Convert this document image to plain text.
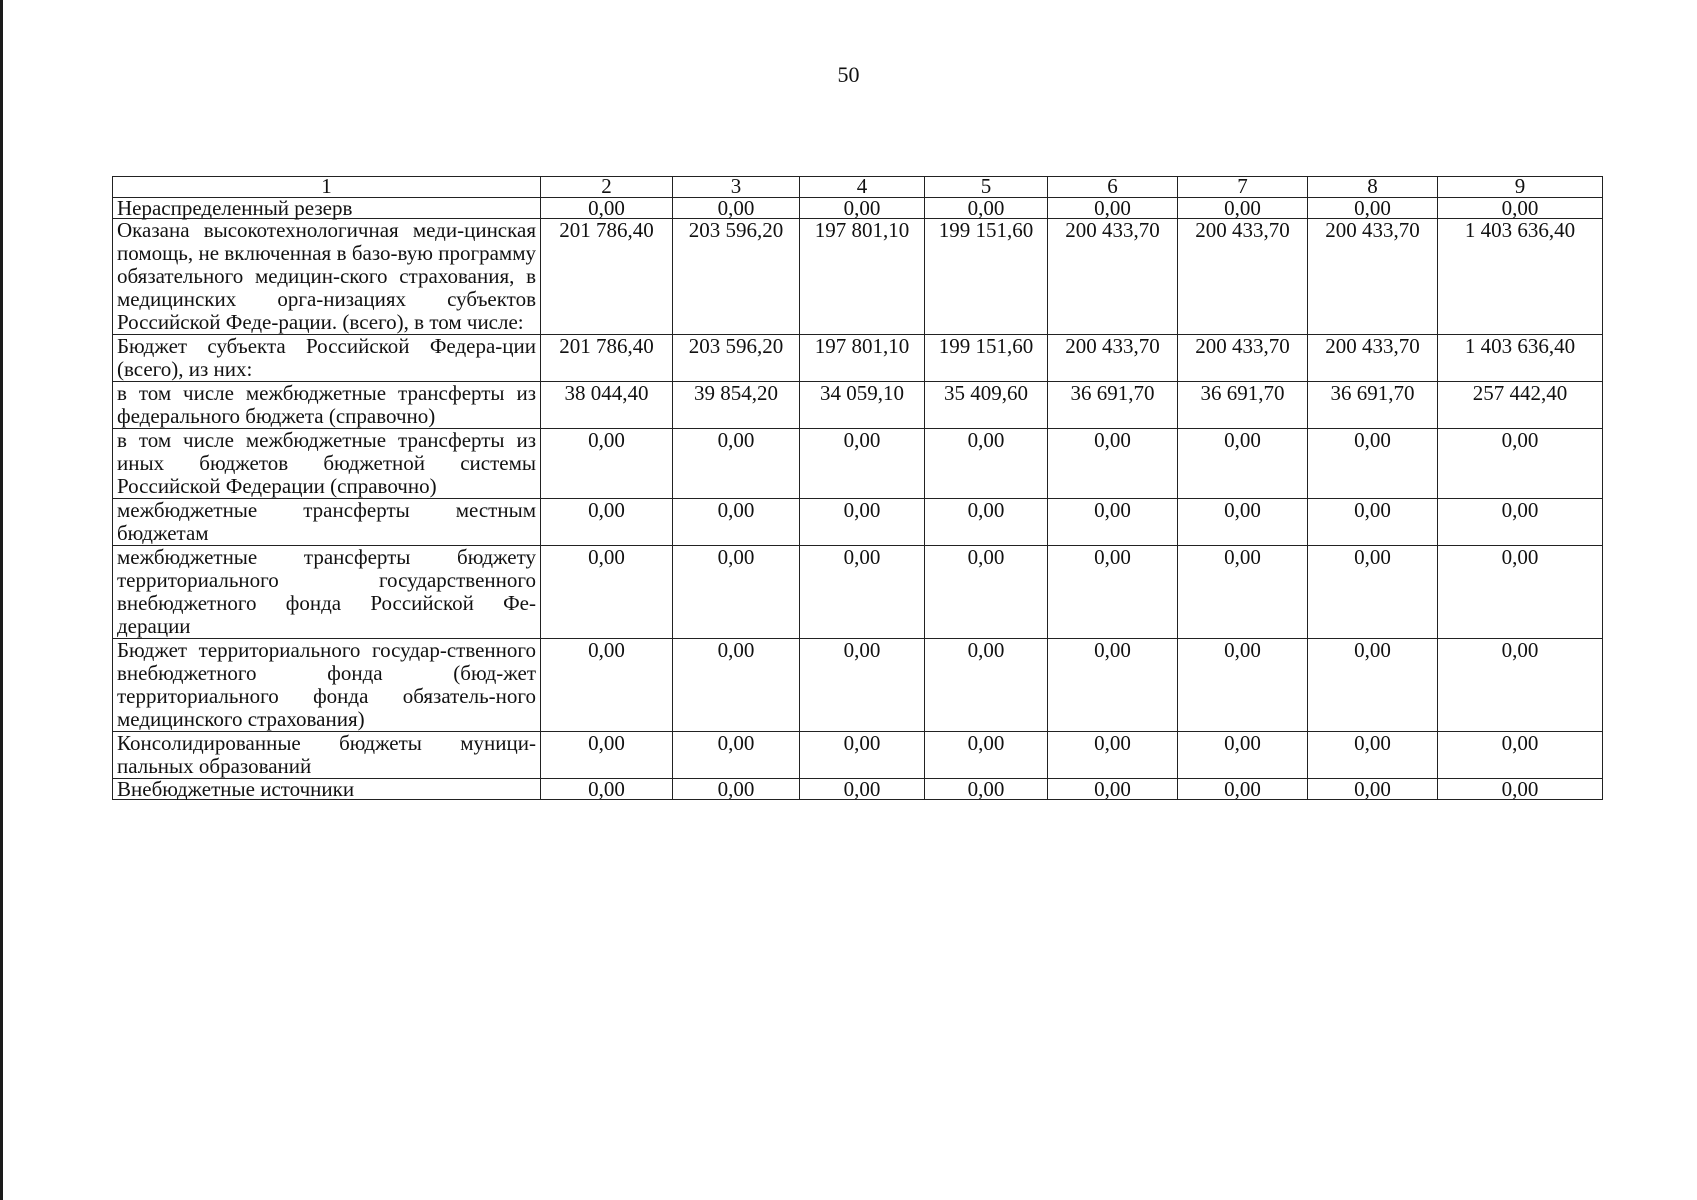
50
1	2	3	4	5	6	7	8	9
Нераспределенный резерв	0,00	0,00	0,00	0,00	0,00	0,00	0,00	0,00
Оказана высокотехнологичная меди-цинская помощь, не включенная в базо-вую программу обязательного медицин-ского страхования, в медицинских орга-низациях субъектов Российской Феде-рации. (всего), в том числе:	201 786,40	203 596,20	197 801,10	199 151,60	200 433,70	200 433,70	200 433,70	1 403 636,40
Бюджет субъекта Российской Федера-ции (всего), из них:	201 786,40	203 596,20	197 801,10	199 151,60	200 433,70	200 433,70	200 433,70	1 403 636,40
в том числе межбюджетные трансферты из федерального бюджета (справочно)	38 044,40	39 854,20	34 059,10	35 409,60	36 691,70	36 691,70	36 691,70	257 442,40
в том числе межбюджетные трансферты из иных бюджетов бюджетной системы Российской Федерации (справочно)	0,00	0,00	0,00	0,00	0,00	0,00	0,00	0,00
межбюджетные трансферты местным бюджетам	0,00	0,00	0,00	0,00	0,00	0,00	0,00	0,00
межбюджетные трансферты бюджету территориального государственного внебюджетного фонда Российской Фе-дерации	0,00	0,00	0,00	0,00	0,00	0,00	0,00	0,00
Бюджет территориального государ-ственного внебюджетного фонда (бюд-жет территориального фонда обязатель-ного медицинского страхования)	0,00	0,00	0,00	0,00	0,00	0,00	0,00	0,00
Консолидированные бюджеты муници-пальных образований	0,00	0,00	0,00	0,00	0,00	0,00	0,00	0,00
Внебюджетные источники	0,00	0,00	0,00	0,00	0,00	0,00	0,00	0,00
